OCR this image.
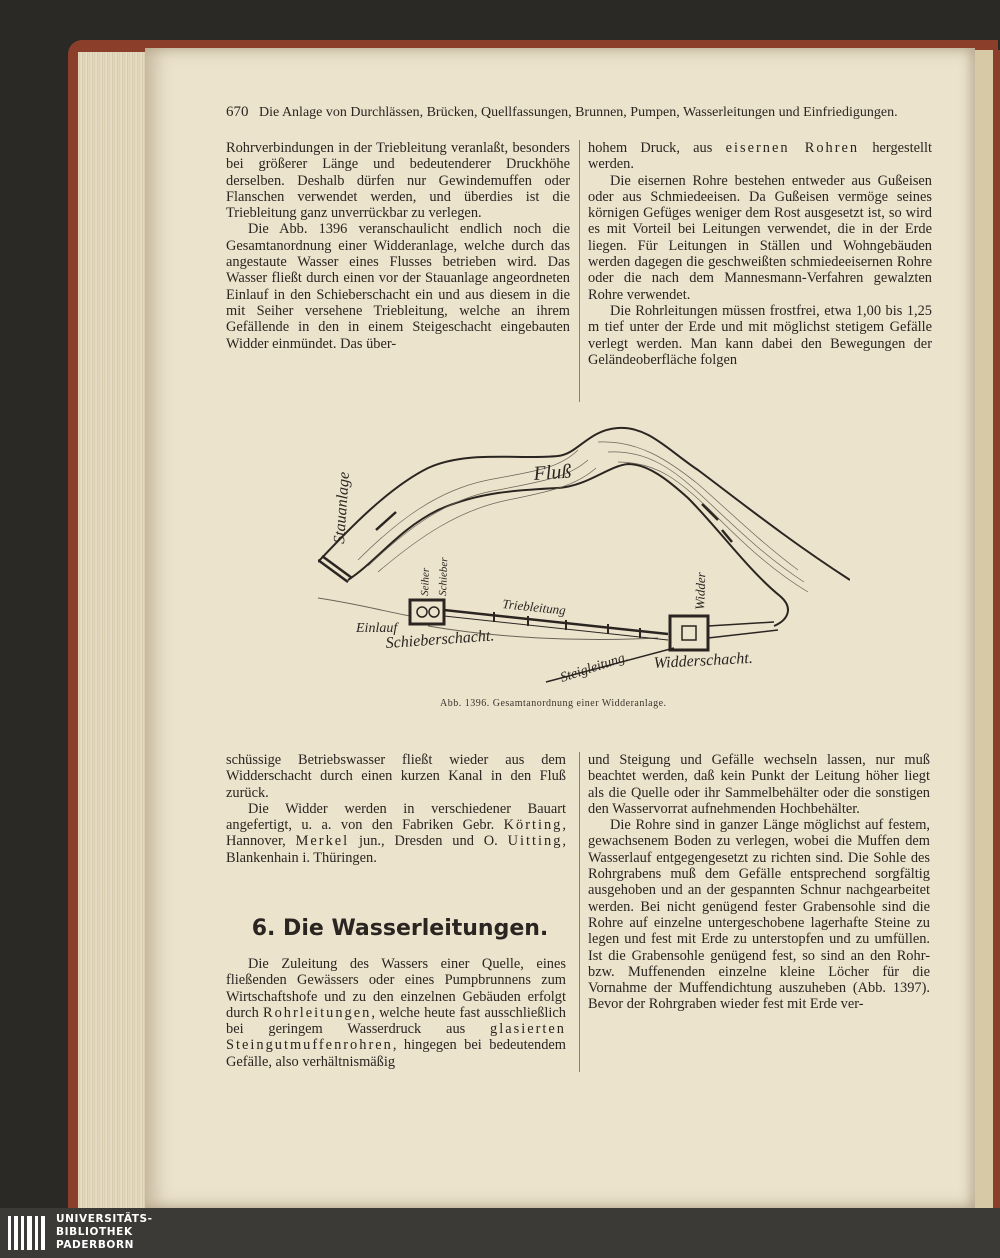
670 Die Anlage von Durchlässen, Brücken, Quellfassungen, Brunnen, Pumpen, Wasserleitungen und Einfriedigungen.

Rohrverbindungen in der Triebleitung veranlaßt, besonders bei größerer Länge und bedeutenderer Druckhöhe derselben. Deshalb dürfen nur Gewindemuffen oder Flanschen verwendet werden, und überdies ist die Triebleitung ganz unverrückbar zu verlegen.

Die Abb. 1396 veranschaulicht endlich noch die Gesamtanordnung einer Widderanlage, welche durch das angestaute Wasser eines Flusses betrieben wird. Das Wasser fließt durch einen vor der Stauanlage angeordneten Einlauf in den Schieberschacht ein und aus diesem in die mit Seiher versehene Triebleitung, welche an ihrem Gefällende in den in einem Steigeschacht eingebauten Widder einmündet. Das über-

hohem Druck, aus eisernen Rohren hergestellt werden.

Die eisernen Rohre bestehen entweder aus Gußeisen oder aus Schmiedeeisen. Da Gußeisen vermöge seines körnigen Gefüges weniger dem Rost ausgesetzt ist, so wird es mit Vorteil bei Leitungen verwendet, die in der Erde liegen. Für Leitungen in Ställen und Wohngebäuden werden dagegen die geschweißten schmiedeeisernen Rohre oder die nach dem Mannesmann-Verfahren gewalzten Rohre verwendet.

Die Rohrleitungen müssen frostfrei, etwa 1,00 bis 1,25 m tief unter der Erde und mit möglichst stetigem Gefälle verlegt werden. Man kann dabei den Bewegungen der Geländeoberfläche folgen

Fluß
Stauanlage
Seiher Schieber
Einlauf
Schieberschacht.
Triebleitung	Widder
Steigleitung. Widderschacht.
Abb. 1396. Gesamtanordnung einer Widderanlage.

schüssige Betriebswasser fließt wieder aus dem Widderschacht durch einen kurzen Kanal in den Fluß zurück.

Die Widder werden in verschiedener Bauart angefertigt, u. a. von den Fabriken Gebr. Körting, Hannover, Merkel jun., Dresden und O. Uitting, Blankenhain i. Thüringen.

6. Die Wasserleitungen.

Die Zuleitung des Wassers einer Quelle, eines fließenden Gewässers oder eines Pumpbrunnens zum Wirtschaftshofe und zu den einzelnen Gebäuden erfolgt durch Rohrleitungen, welche heute fast ausschließlich bei geringem Wasserdruck aus glasierten Steingutmuffenrohren, hingegen bei bedeutendem Gefälle, also verhältnismäßig

und Steigung und Gefälle wechseln lassen, nur muß beachtet werden, daß kein Punkt der Leitung höher liegt als die Quelle oder ihr Sammelbehälter oder die sonstigen den Wasservorrat aufnehmenden Hochbehälter.

Die Rohre sind in ganzer Länge möglichst auf festem, gewachsenem Boden zu verlegen, wobei die Muffen dem Wasserlauf entgegengesetzt zu richten sind. Die Sohle des Rohrgrabens muß dem Gefälle entsprechend sorgfältig ausgehoben und an der gespannten Schnur nachgearbeitet werden. Bei nicht genügend fester Grabensohle sind die Rohre auf einzelne untergeschobene lagerhafte Steine zu legen und fest mit Erde zu unterstopfen und zu umfüllen. Ist die Grabensohle genügend fest, so sind an den Rohr- bzw. Muffenenden einzelne kleine Löcher für die Vornahme der Muffendichtung auszuheben (Abb. 1397). Bevor der Rohrgraben wieder fest mit Erde ver-

UNIVERSITÄTS-
BIBLIOTHEK
PADERBORN
